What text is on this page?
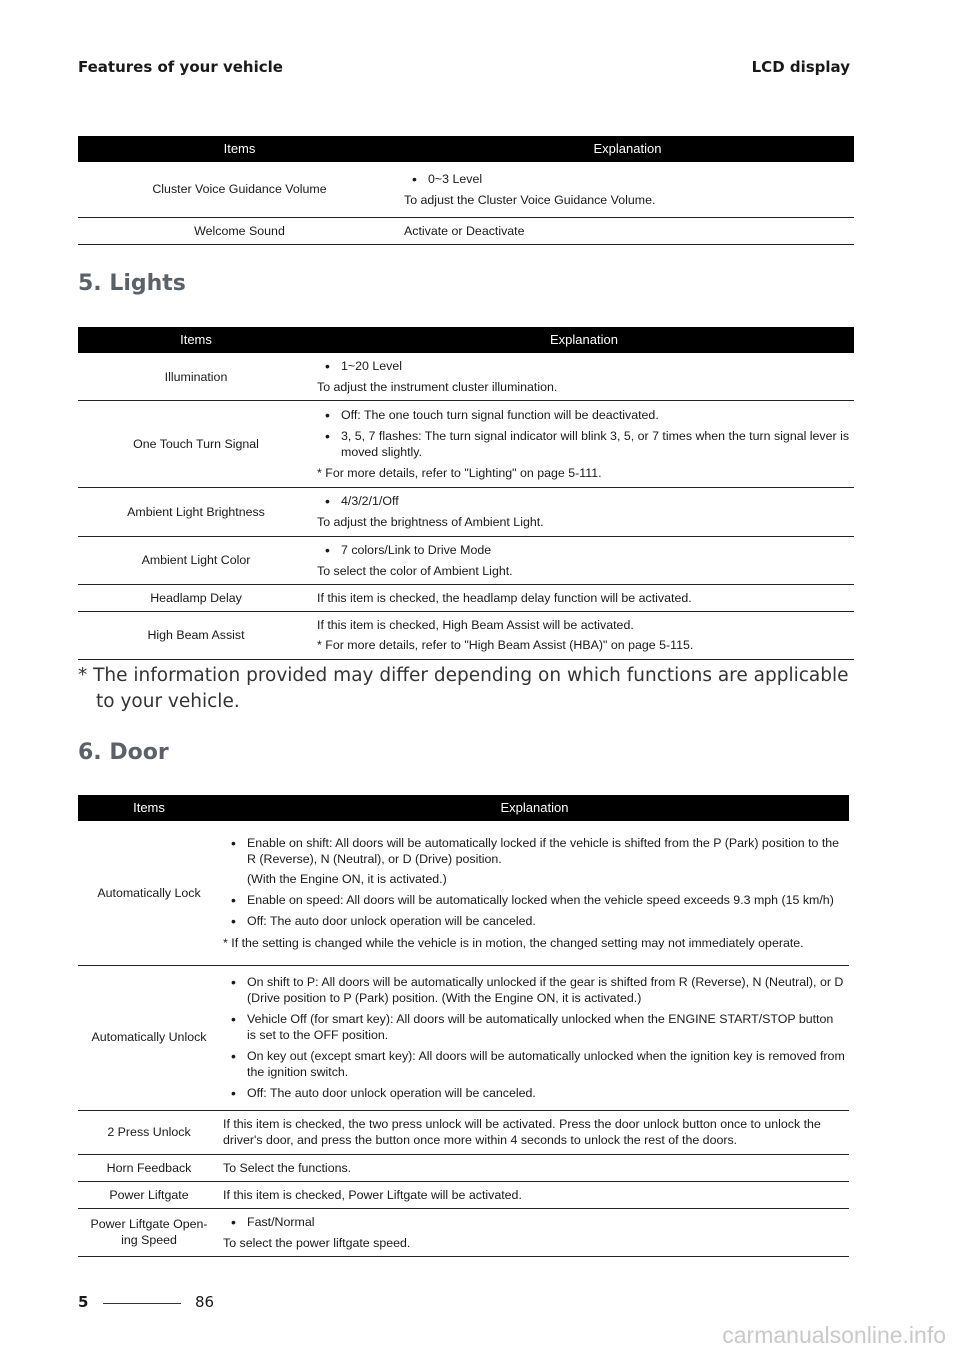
Features of your vehicle	LCD display
Items	Explanation
Cluster Voice Guidance Volume	• 0~3 Level
To adjust the Cluster Voice Guidance Volume.

Welcome Sound	Activate or Deactivate
5. Lights
Items	Explanation
Illumination	• 1~20 Level
To adjust the instrument cluster illumination.

One Touch Turn Signal	• Off: The one touch turn signal function will be deactivated.
• 3, 5, 7 flashes: The turn signal indicator will blink 3, 5, or 7 times when the turn signal lever is moved slightly.
* For more details, refer to "Lighting" on page 5-111.

Ambient Light Brightness	• 4/3/2/1/Off
To adjust the brightness of Ambient Light.

Ambient Light Color	• 7 colors/Link to Drive Mode
To select the color of Ambient Light.

Headlamp Delay	If this item is checked, the headlamp delay function will be activated.
High Beam Assist	If this item is checked, High Beam Assist will be activated.
* For more details, refer to "High Beam Assist (HBA)" on page 5-115.
* The information provided may differ depending on which functions are applicable
to your vehicle.
6. Door
Items	Explanation
Automatically Lock	• Enable on shift: All doors will be automatically locked if the vehicle is shifted from the P (Park) position to the R (Reverse), N (Neutral), or D (Drive) position.
(With the Engine ON, it is activated.)
• Enable on speed: All doors will be automatically locked when the vehicle speed exceeds 9.3 mph (15 km/h)
• Off: The auto door unlock operation will be canceled.
* If the setting is changed while the vehicle is in motion, the changed setting may not immediately operate.

Automatically Unlock	• On shift to P: All doors will be automatically unlocked if the gear is shifted from R (Reverse), N (Neutral), or D (Drive position to P (Park) position. (With the Engine ON, it is activated.)
• Vehicle Off (for smart key): All doors will be automatically unlocked when the ENGINE START/STOP button is set to the OFF position.
• On key out (except smart key): All doors will be automatically unlocked when the ignition key is removed from the ignition switch.
• Off: The auto door unlock operation will be canceled.

2 Press Unlock	If this item is checked, the two press unlock will be activated. Press the door unlock button once to unlock the driver's door, and press the button once more within 4 seconds to unlock the rest of the doors.
Horn Feedback	To Select the functions.
Power Liftgate	If this item is checked, Power Liftgate will be activated.
Power Liftgate Open-ing Speed	• Fast/Normal
To select the power liftgate speed.
5	86
carmanualsonline.info
